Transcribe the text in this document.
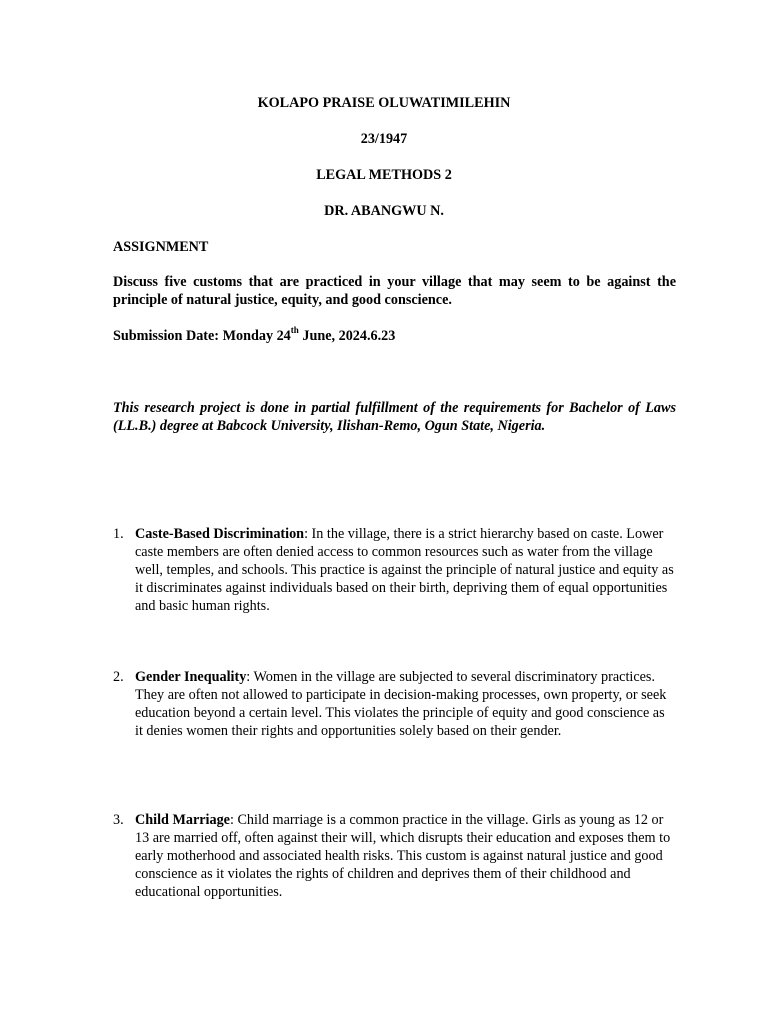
KOLAPO PRAISE OLUWATIMILEHIN
23/1947
LEGAL METHODS 2
DR. ABANGWU N.
ASSIGNMENT
Discuss five customs that are practiced in your village that may seem to be against the principle of natural justice, equity, and good conscience.
Submission Date: Monday 24th June, 2024.6.23
This research project is done in partial fulfillment of the requirements for Bachelor of Laws (LL.B.) degree at Babcock University, Ilishan-Remo, Ogun State, Nigeria.
1. Caste-Based Discrimination: In the village, there is a strict hierarchy based on caste. Lower caste members are often denied access to common resources such as water from the village well, temples, and schools. This practice is against the principle of natural justice and equity as it discriminates against individuals based on their birth, depriving them of equal opportunities and basic human rights.
2. Gender Inequality: Women in the village are subjected to several discriminatory practices. They are often not allowed to participate in decision-making processes, own property, or seek education beyond a certain level. This violates the principle of equity and good conscience as it denies women their rights and opportunities solely based on their gender.
3. Child Marriage: Child marriage is a common practice in the village. Girls as young as 12 or 13 are married off, often against their will, which disrupts their education and exposes them to early motherhood and associated health risks. This custom is against natural justice and good conscience as it violates the rights of children and deprives them of their childhood and educational opportunities.
